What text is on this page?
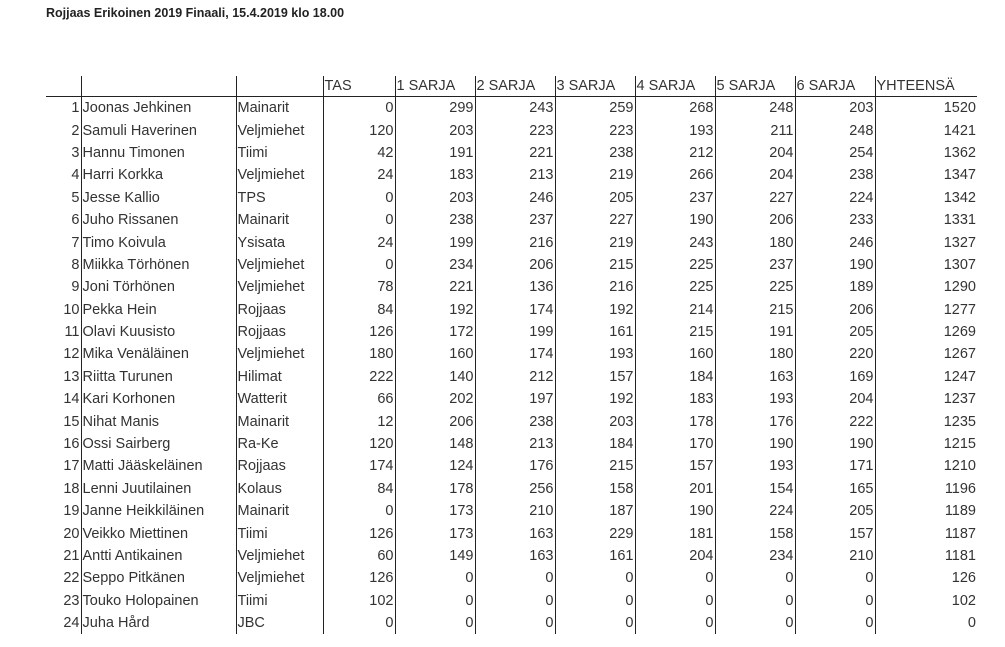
Rojjaas Erikoinen 2019 Finaali, 15.4.2019 klo 18.00
			TAS	1 SARJA	2 SARJA	3 SARJA	4 SARJA	5 SARJA	6 SARJA	YHTEENSÄ
1	Joonas Jehkinen	Mainarit	0	299	243	259	268	248	203	1520
2	Samuli Haverinen	Veljmiehet	120	203	223	223	193	211	248	1421
3	Hannu Timonen	Tiimi	42	191	221	238	212	204	254	1362
4	Harri Korkka	Veljmiehet	24	183	213	219	266	204	238	1347
5	Jesse Kallio	TPS	0	203	246	205	237	227	224	1342
6	Juho Rissanen	Mainarit	0	238	237	227	190	206	233	1331
7	Timo Koivula	Ysisata	24	199	216	219	243	180	246	1327
8	Miikka Törhönen	Veljmiehet	0	234	206	215	225	237	190	1307
9	Joni Törhönen	Veljmiehet	78	221	136	216	225	225	189	1290
10	Pekka Hein	Rojjaas	84	192	174	192	214	215	206	1277
11	Olavi Kuusisto	Rojjaas	126	172	199	161	215	191	205	1269
12	Mika Venäläinen	Veljmiehet	180	160	174	193	160	180	220	1267
13	Riitta Turunen	Hilimat	222	140	212	157	184	163	169	1247
14	Kari Korhonen	Watterit	66	202	197	192	183	193	204	1237
15	Nihat Manis	Mainarit	12	206	238	203	178	176	222	1235
16	Ossi Sairberg	Ra-Ke	120	148	213	184	170	190	190	1215
17	Matti Jääskeläinen	Rojjaas	174	124	176	215	157	193	171	1210
18	Lenni Juutilainen	Kolaus	84	178	256	158	201	154	165	1196
19	Janne Heikkiläinen	Mainarit	0	173	210	187	190	224	205	1189
20	Veikko Miettinen	Tiimi	126	173	163	229	181	158	157	1187
21	Antti Antikainen	Veljmiehet	60	149	163	161	204	234	210	1181
22	Seppo Pitkänen	Veljmiehet	126	0	0	0	0	0	0	126
23	Touko Holopainen	Tiimi	102	0	0	0	0	0	0	102
24	Juha Hård	JBC	0	0	0	0	0	0	0	0
